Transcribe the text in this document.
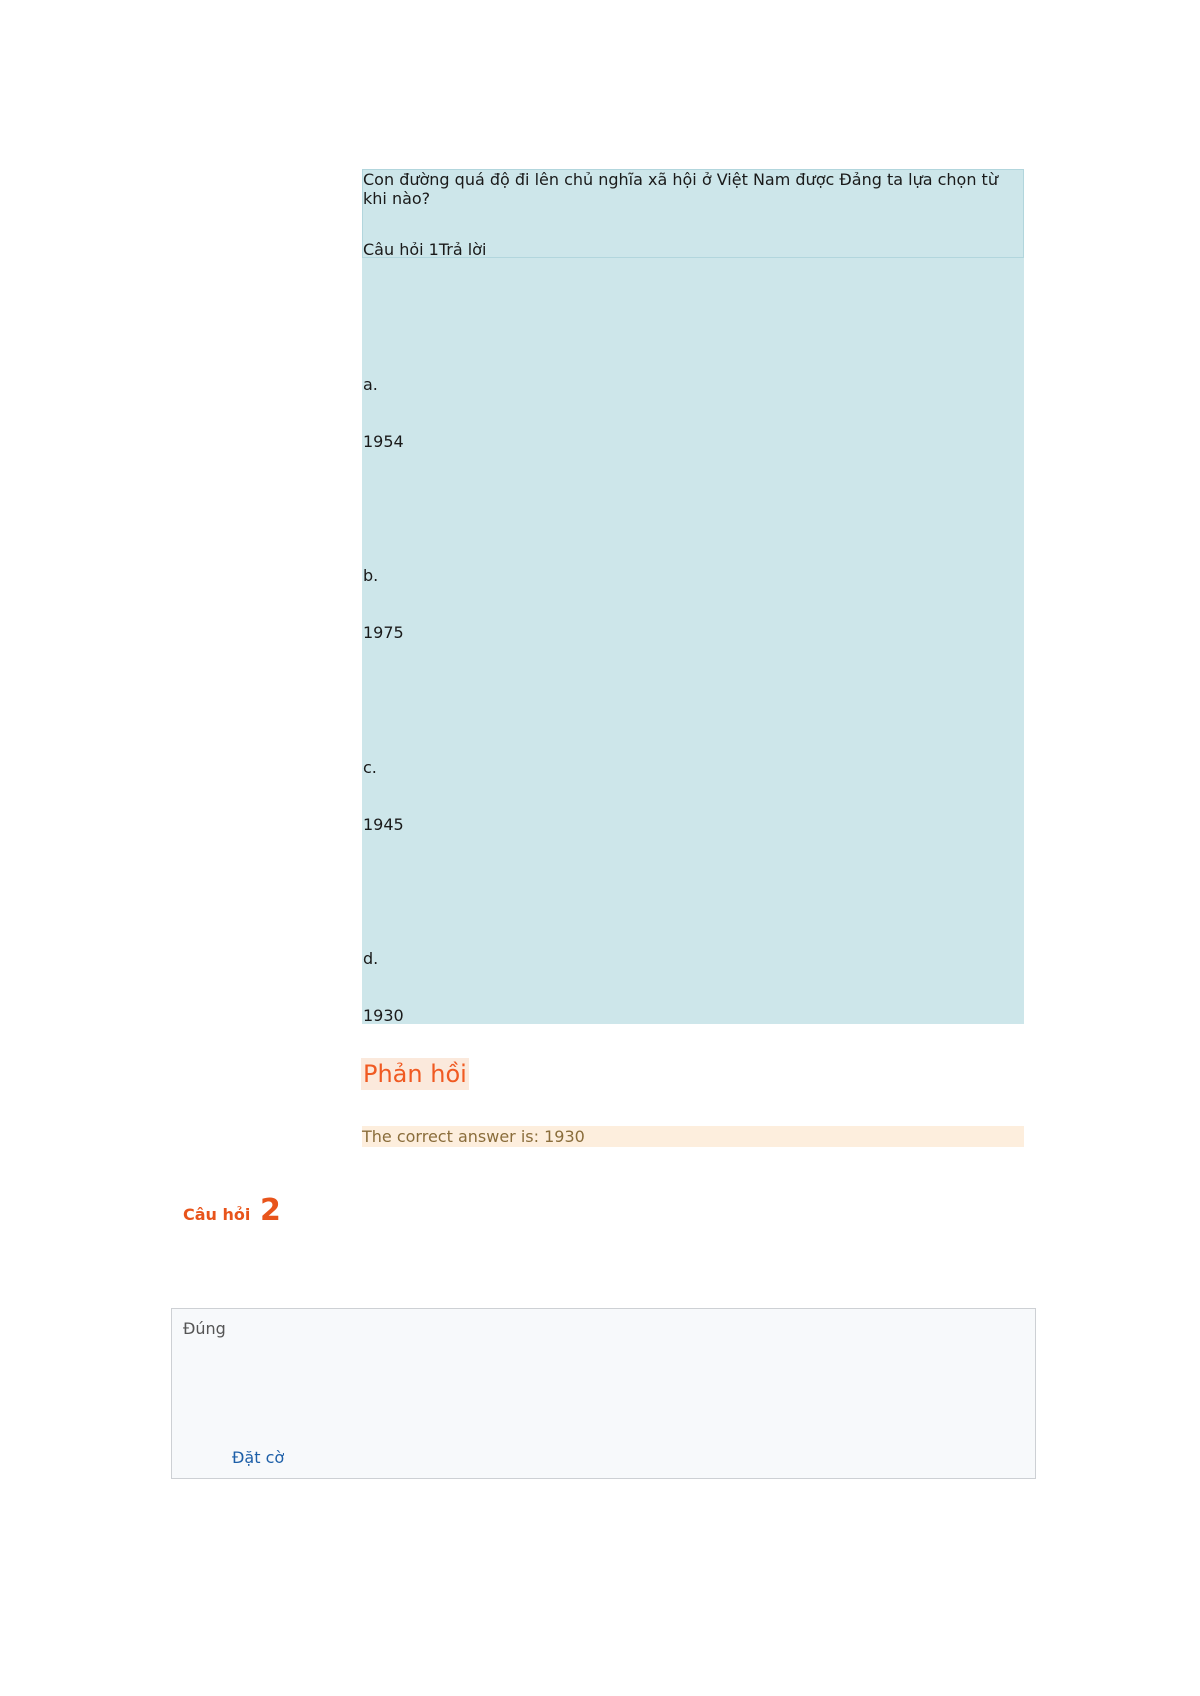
Con đường quá độ đi lên chủ nghĩa xã hội ở Việt Nam được Đảng ta lựa chọn từ khi nào?
Câu hỏi 1Trả lời
a.
1954
b.
1975
c.
1945
d.
1930
Phản hồi
The correct answer is: 1930
Câu hỏi 2
Đúng
Đặt cờ
